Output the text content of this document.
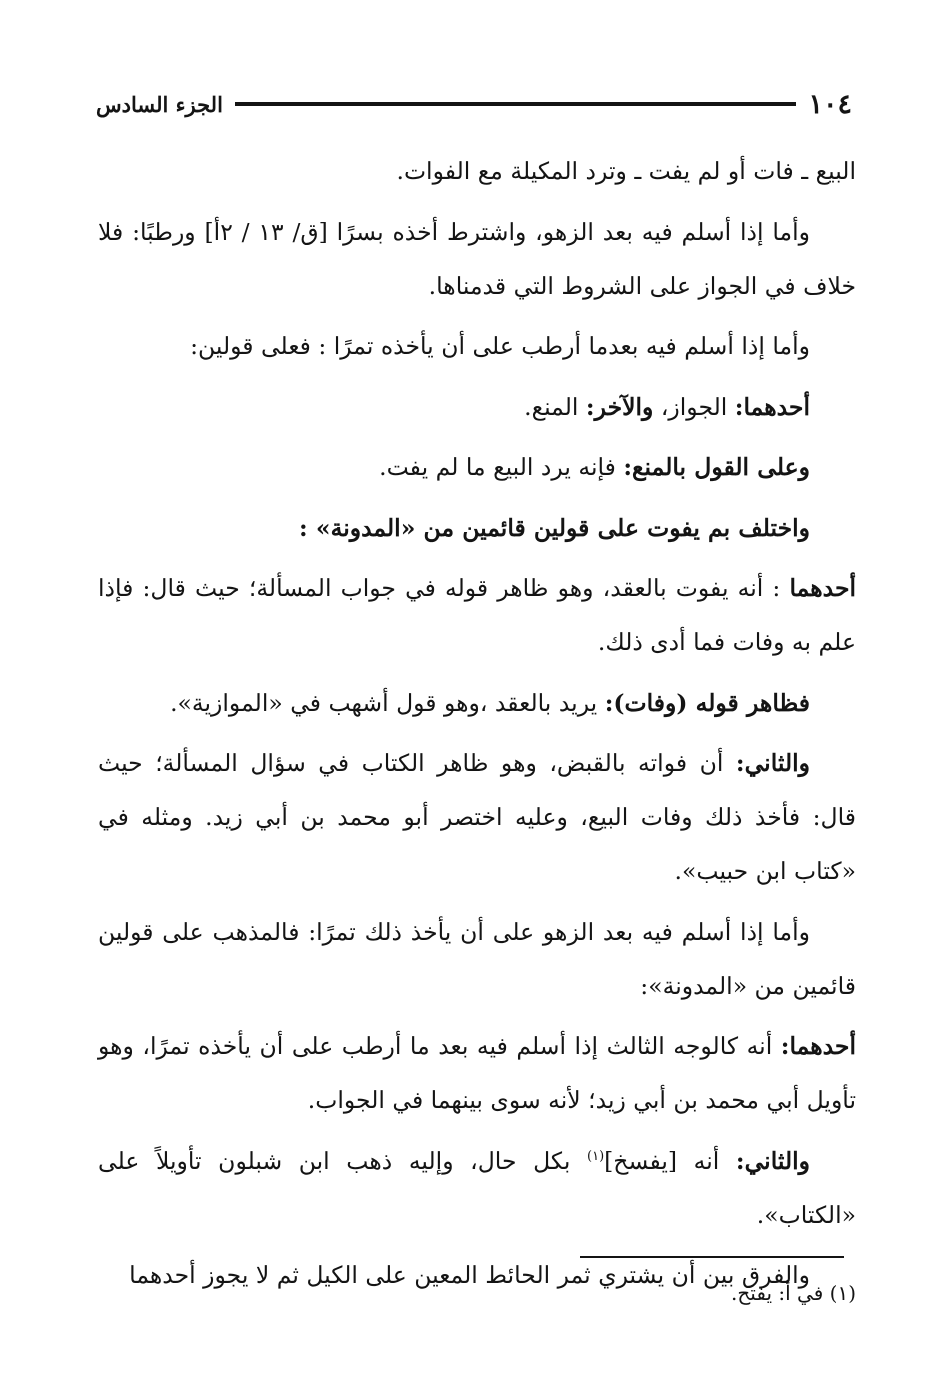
١٠٤
الجزء السادس

البيع ـ فات أو لم يفت ـ وترد المكيلة مع الفوات.

وأما إذا أسلم فيه بعد الزهو، واشترط أخذه بسرًا [ق/ ١٣ / ٢أ] ورطبًا: فلا خلاف في الجواز على الشروط التي قدمناها.

وأما إذا أسلم فيه بعدما أرطب على أن يأخذه تمرًا : فعلى قولين:

أحدهما: الجواز، والآخر: المنع.

وعلى القول بالمنع: فإنه يرد البيع ما لم يفت.

واختلف بم يفوت على قولين قائمين من «المدونة» :

أحدهما : أنه يفوت بالعقد، وهو ظاهر قوله في جواب المسألة؛ حيث قال: فإذا علم به وفات فما أدى ذلك.

فظاهر قوله (وفات): يريد بالعقد ،وهو قول أشهب في «الموازية».

والثاني: أن فواته بالقبض، وهو ظاهر الكتاب في سؤال المسألة؛ حيث قال: فأخذ ذلك وفات البيع، وعليه اختصر أبو محمد بن أبي زيد. ومثله في «كتاب ابن حبيب».

وأما إذا أسلم فيه بعد الزهو على أن يأخذ ذلك تمرًا: فالمذهب على قولين قائمين من «المدونة»:

أحدهما: أنه كالوجه الثالث إذا أسلم فيه بعد ما أرطب على أن يأخذه تمرًا، وهو تأويل أبي محمد بن أبي زيد؛ لأنه سوى بينهما في الجواب.

والثاني: أنه [يفسخ]$^{(١)}$ بكل حال، وإليه ذهب ابن شبلون تأويلاً على «الكتاب».

والفرق بين أن يشتري ثمر الحائط المعين على الكيل ثم لا يجوز أحدهما

(١) في أ: يفتح.
